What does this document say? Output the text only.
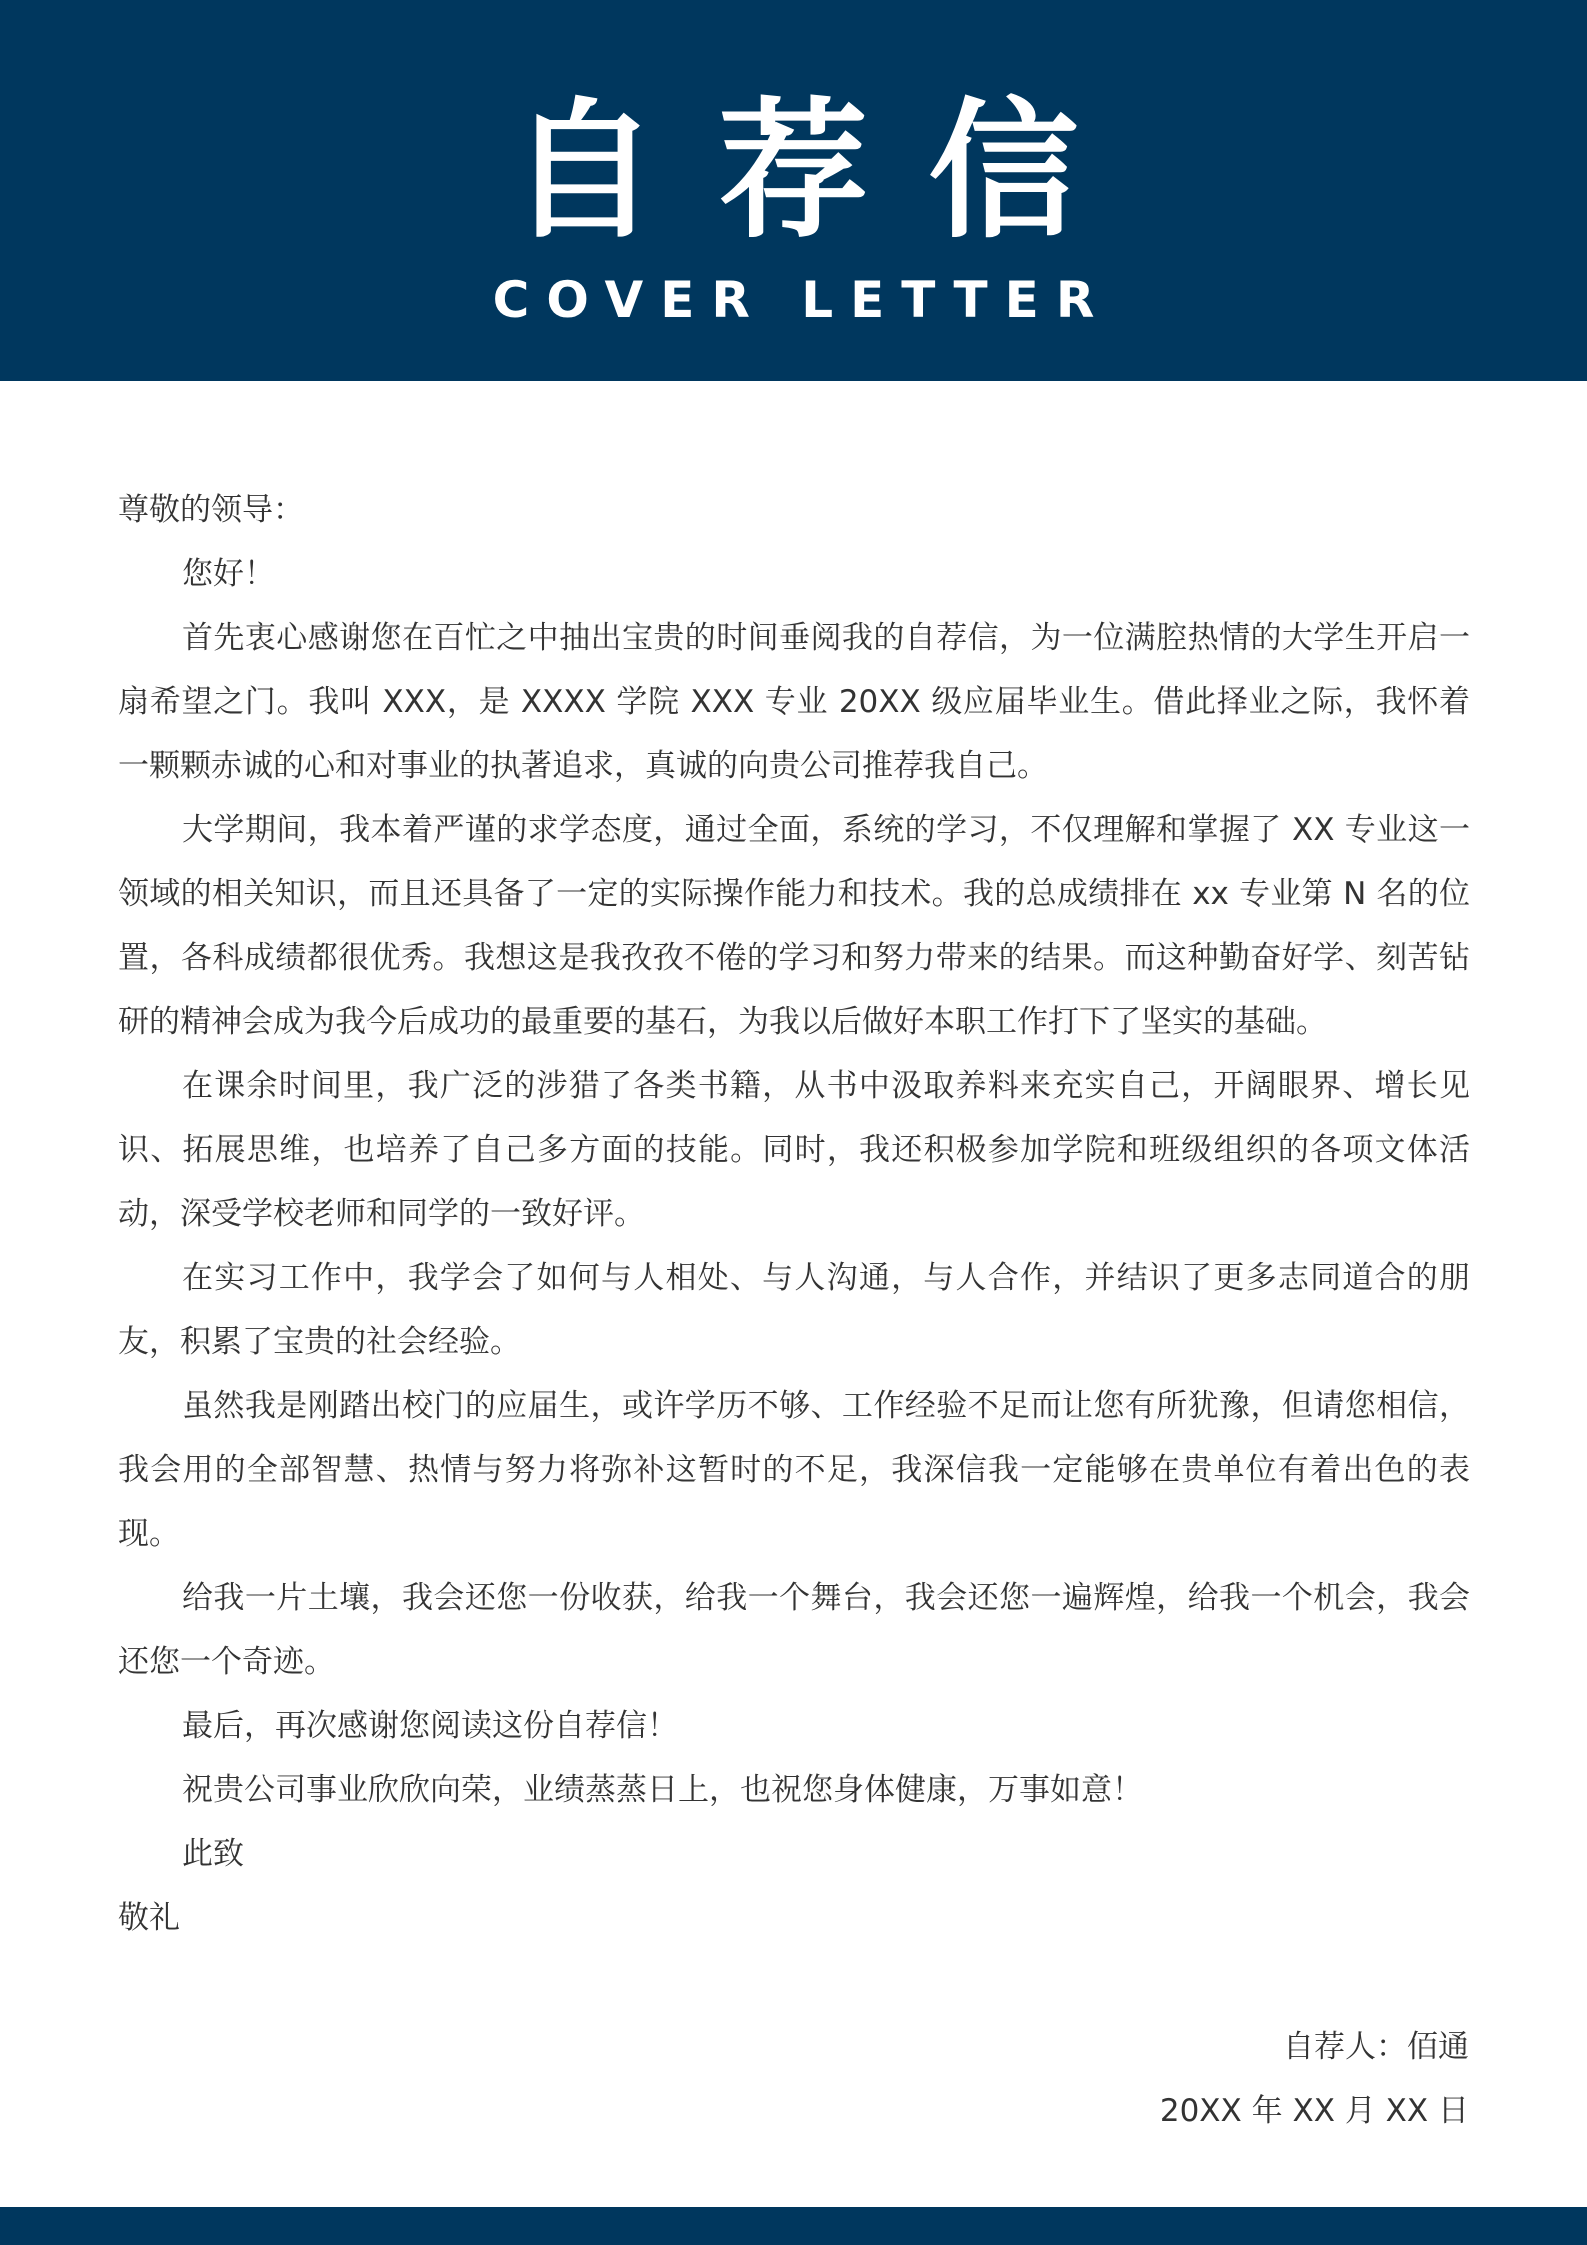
自荐信
COVER LETTER

尊敬的领导：

您好！

首先衷心感谢您在百忙之中抽出宝贵的时间垂阅我的自荐信，为一位满腔热情的大学生开启一扇希望之门。我叫 XXX，是 XXXX 学院 XXX 专业 20XX 级应届毕业生。借此择业之际，我怀着一颗颗赤诚的心和对事业的执著追求，真诚的向贵公司推荐我自己。

大学期间，我本着严谨的求学态度，通过全面，系统的学习，不仅理解和掌握了 XX 专业这一领域的相关知识，而且还具备了一定的实际操作能力和技术。我的总成绩排在 xx 专业第 N 名的位置，各科成绩都很优秀。我想这是我孜孜不倦的学习和努力带来的结果。而这种勤奋好学、刻苦钻研的精神会成为我今后成功的最重要的基石，为我以后做好本职工作打下了坚实的基础。

在课余时间里，我广泛的涉猎了各类书籍，从书中汲取养料来充实自己，开阔眼界、增长见识、拓展思维，也培养了自己多方面的技能。同时，我还积极参加学院和班级组织的各项文体活动，深受学校老师和同学的一致好评。

在实习工作中，我学会了如何与人相处、与人沟通，与人合作，并结识了更多志同道合的朋友，积累了宝贵的社会经验。

虽然我是刚踏出校门的应届生，或许学历不够、工作经验不足而让您有所犹豫，但请您相信，我会用的全部智慧、热情与努力将弥补这暂时的不足，我深信我一定能够在贵单位有着出色的表现。

给我一片土壤，我会还您一份收获，给我一个舞台，我会还您一遍辉煌，给我一个机会，我会还您一个奇迹。

最后，再次感谢您阅读这份自荐信！

祝贵公司事业欣欣向荣，业绩蒸蒸日上，也祝您身体健康，万事如意！

此致

敬礼

自荐人：佰通

20XX 年 XX 月 XX 日
